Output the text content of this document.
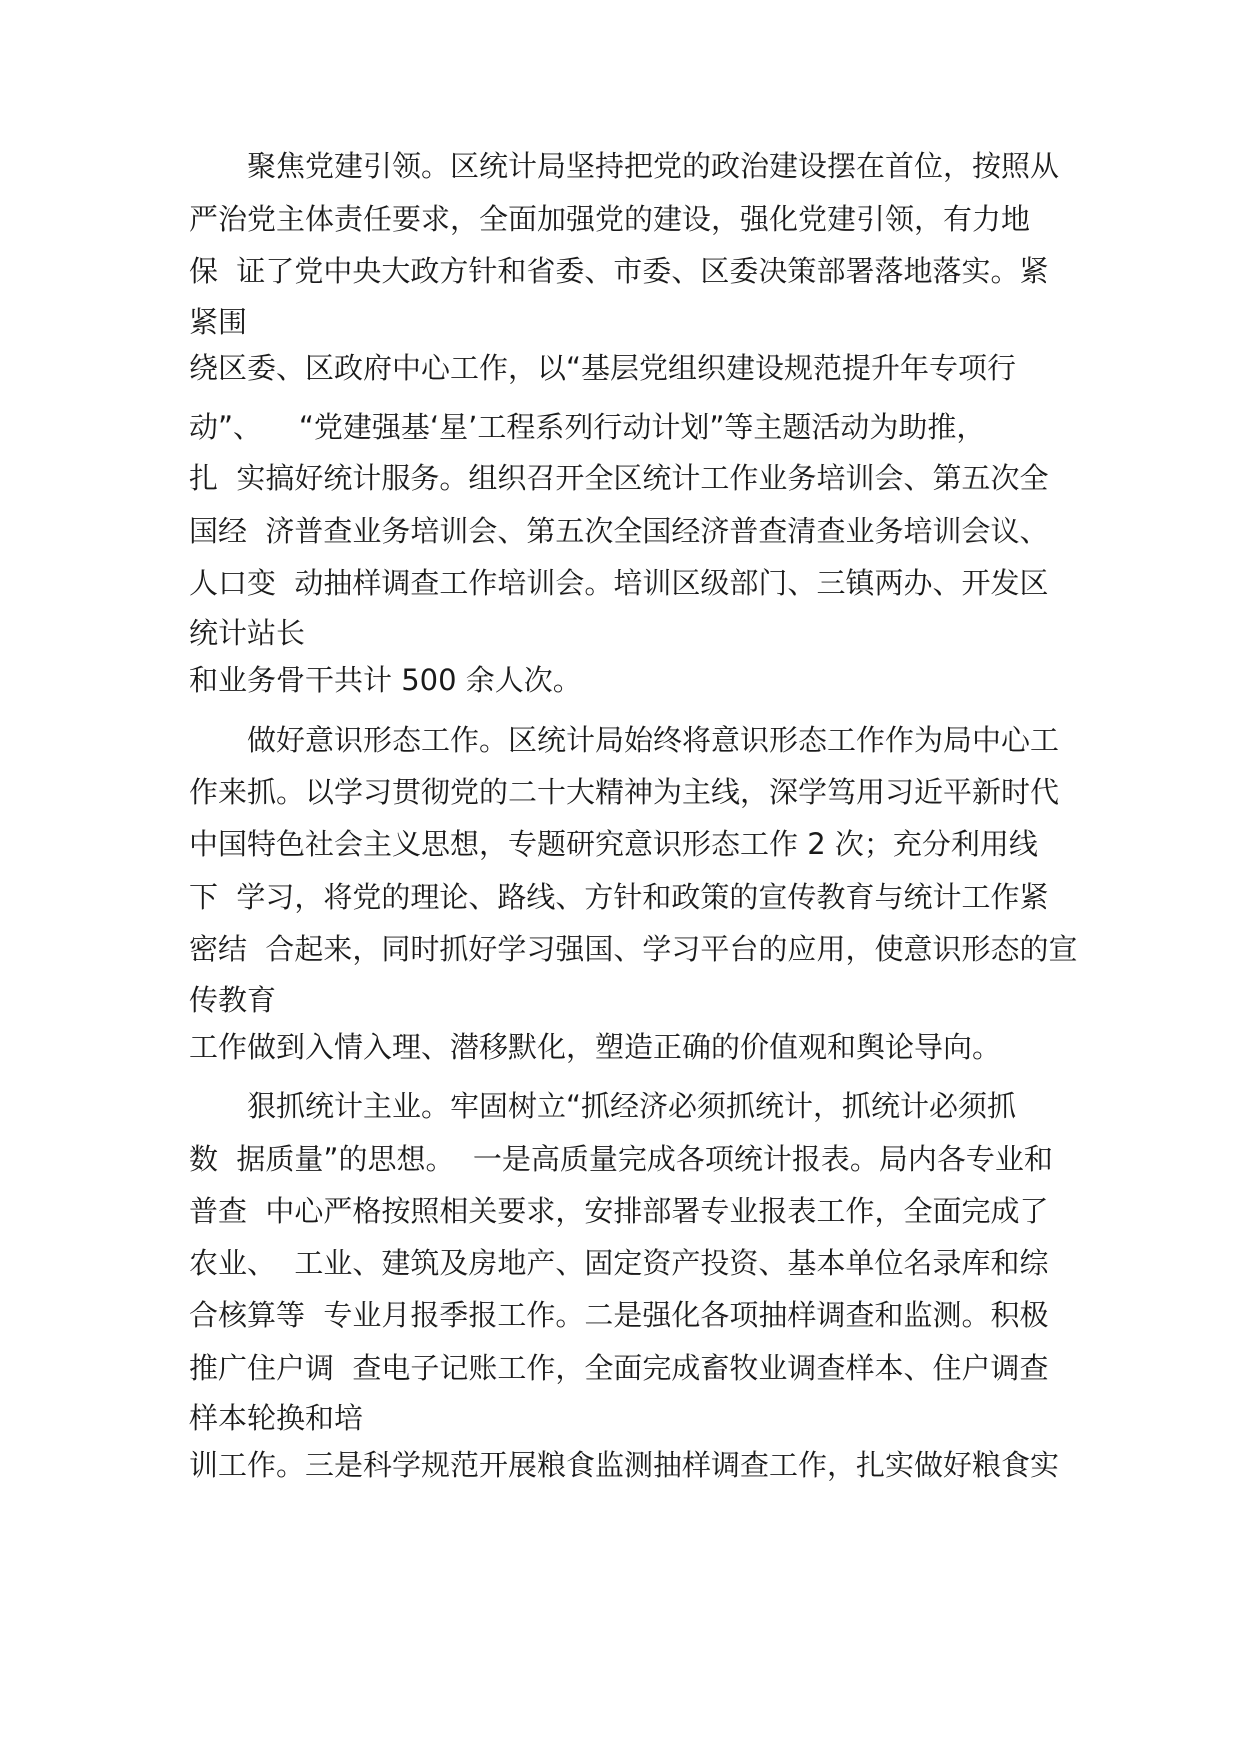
　　聚焦党建引领。区统计局坚持把党的政治建设摆在首位，按照从

严治党主体责任要求，全面加强党的建设，强化党建引领，有力地

保  证了党中央大政方针和省委、市委、区委决策部署落地落实。紧

紧围

绕区委、区政府中心工作，以“基层党组织建设规范提升年专项行

动”、    “党建强基‘星’工程系列行动计划”等主题活动为助推，

扎  实搞好统计服务。组织召开全区统计工作业务培训会、第五次全

国经  济普查业务培训会、第五次全国经济普查清查业务培训会议、

人口变  动抽样调查工作培训会。培训区级部门、三镇两办、开发区

统计站长

和业务骨干共计 500 余人次。

　　做好意识形态工作。区统计局始终将意识形态工作作为局中心工

作来抓。以学习贯彻党的二十大精神为主线，深学笃用习近平新时代

中国特色社会主义思想，专题研究意识形态工作 2 次；充分利用线

下  学习，将党的理论、路线、方针和政策的宣传教育与统计工作紧

密结  合起来，同时抓好学习强国、学习平台的应用，使意识形态的宣

传教育

工作做到入情入理、潜移默化，塑造正确的价值观和舆论导向。

　　狠抓统计主业。牢固树立“抓经济必须抓统计，抓统计必须抓

数  据质量”的思想。  一是高质量完成各项统计报表。局内各专业和

普查  中心严格按照相关要求，安排部署专业报表工作，全面完成了

农业、  工业、建筑及房地产、固定资产投资、基本单位名录库和综

合核算等  专业月报季报工作。二是强化各项抽样调查和监测。积极

推广住户调  查电子记账工作，全面完成畜牧业调查样本、住户调查

样本轮换和培

训工作。三是科学规范开展粮食监测抽样调查工作，扎实做好粮食实
